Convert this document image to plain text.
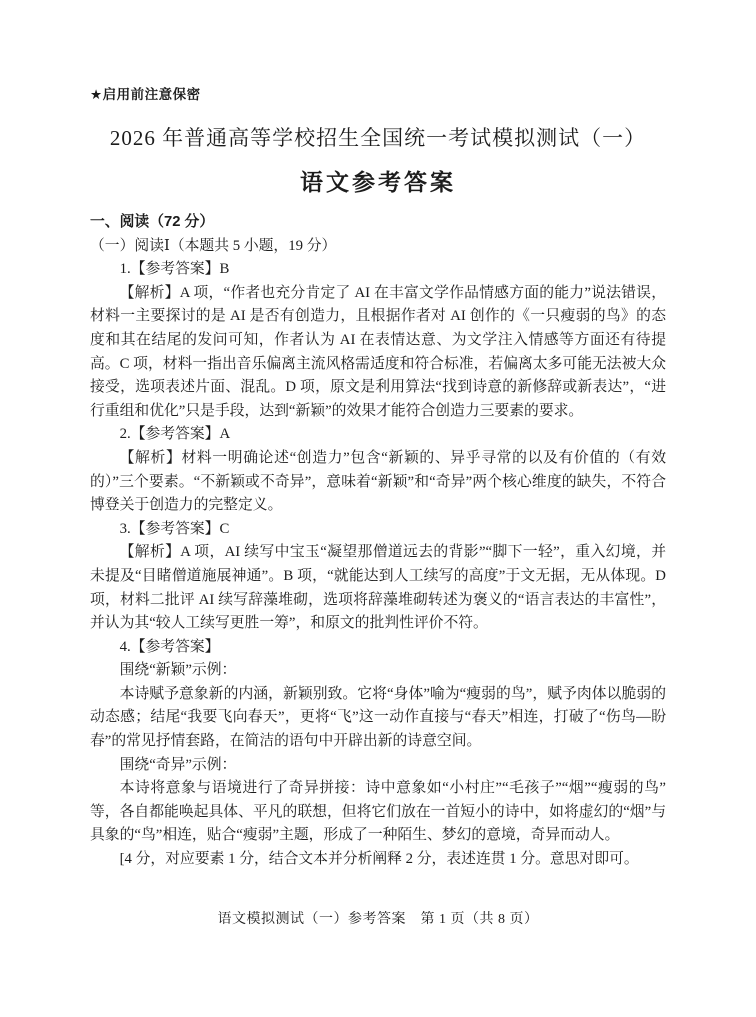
★启用前注意保密
2026 年普通高等学校招生全国统一考试模拟测试（一）
语文参考答案

一、阅读（72 分）

（一）阅读Ⅰ（本题共 5 小题，19 分）

1.【参考答案】B

【解析】A 项，“作者也充分肯定了 AI 在丰富文学作品情感方面的能力”说法错误，材料一主要探讨的是 AI 是否有创造力，且根据作者对 AI 创作的《一只瘦弱的鸟》的态度和其在结尾的发问可知，作者认为 AI 在表情达意、为文学注入情感等方面还有待提高。C 项，材料一指出音乐偏离主流风格需适度和符合标准，若偏离太多可能无法被大众接受，选项表述片面、混乱。D 项，原文是利用算法“找到诗意的新修辞或新表达”，“进行重组和优化”只是手段，达到“新颖”的效果才能符合创造力三要素的要求。

2.【参考答案】A

【解析】材料一明确论述“创造力”包含“新颖的、异乎寻常的以及有价值的（有效的）”三个要素。“不新颖或不奇异”，意味着“新颖”和“奇异”两个核心维度的缺失，不符合博登关于创造力的完整定义。

3.【参考答案】C

【解析】A 项，AI 续写中宝玉“凝望那僧道远去的背影”“脚下一轻”，重入幻境，并未提及“目睹僧道施展神通”。B 项，“就能达到人工续写的高度”于文无据，无从体现。D 项，材料二批评 AI 续写辞藻堆砌，选项将辞藻堆砌转述为褒义的“语言表达的丰富性”，并认为其“较人工续写更胜一筹”，和原文的批判性评价不符。

4.【参考答案】

围绕“新颖”示例：

本诗赋予意象新的内涵，新颖别致。它将“身体”喻为“瘦弱的鸟”，赋予肉体以脆弱的动态感；结尾“我要飞向春天”，更将“飞”这一动作直接与“春天”相连，打破了“伤鸟—盼春”的常见抒情套路，在简洁的语句中开辟出新的诗意空间。

围绕“奇异”示例：

本诗将意象与语境进行了奇异拼接：诗中意象如“小村庄”“毛孩子”“烟”“瘦弱的鸟”等，各自都能唤起具体、平凡的联想，但将它们放在一首短小的诗中，如将虚幻的“烟”与具象的“鸟”相连，贴合“瘦弱”主题，形成了一种陌生、梦幻的意境，奇异而动人。

[4 分，对应要素 1 分，结合文本并分析阐释 2 分，表述连贯 1 分。意思对即可。

语文模拟测试（一）参考答案　第 1 页（共 8 页）
